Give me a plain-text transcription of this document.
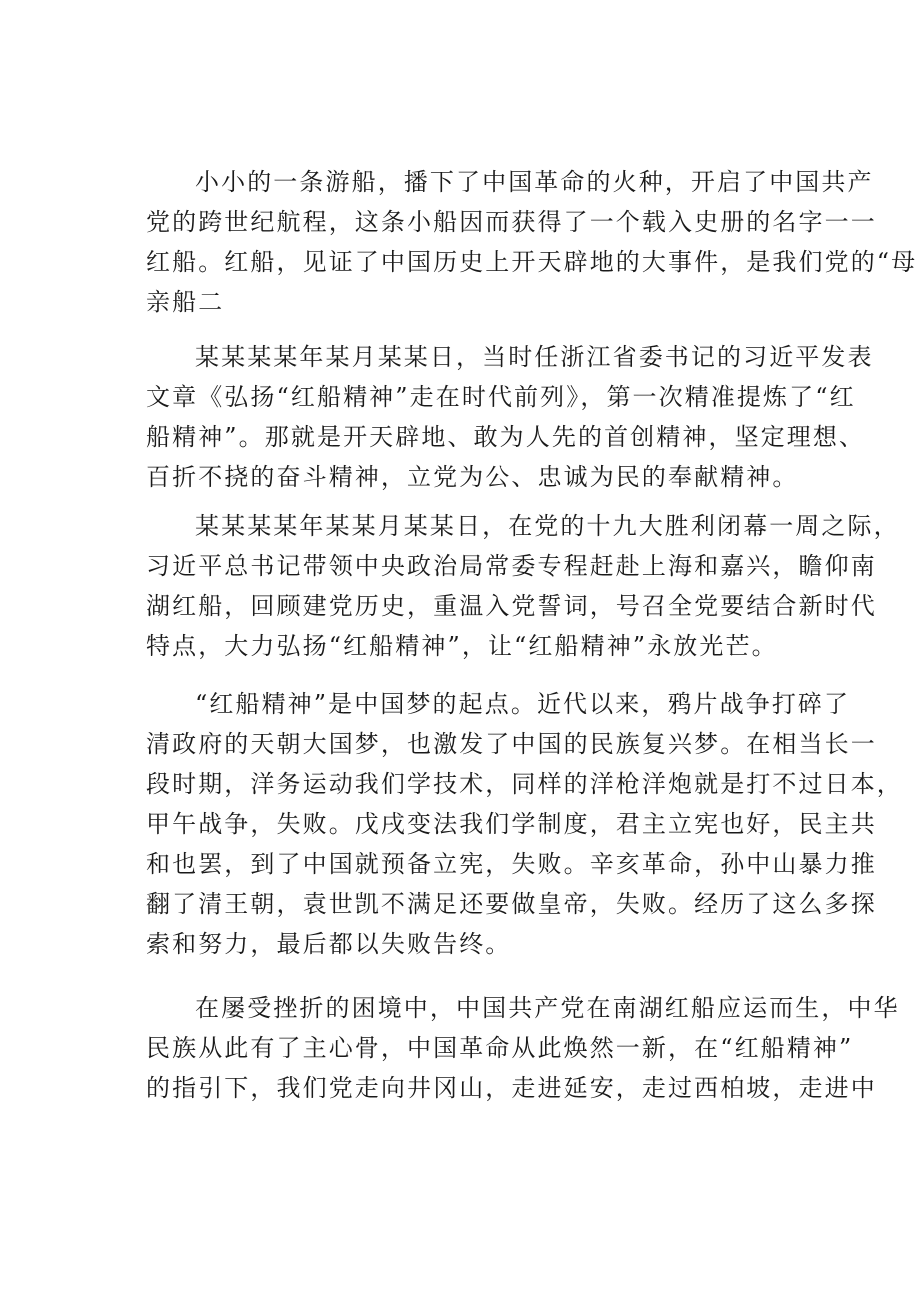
小小的一条游船，播下了中国革命的火种，开启了中国共产
党的跨世纪航程，这条小船因而获得了一个载入史册的名字一一
红船。红船，见证了中国历史上开天辟地的大事件，是我们党的“母
亲船二
某某某某年某月某某日，当时任浙江省委书记的习近平发表
文章《弘扬“红船精神”走在时代前列》，第一次精准提炼了“红
船精神”。那就是开天辟地、敢为人先的首创精神，坚定理想、
百折不挠的奋斗精神，立党为公、忠诚为民的奉献精神。
某某某某年某某月某某日，在党的十九大胜利闭幕一周之际，
习近平总书记带领中央政治局常委专程赶赴上海和嘉兴，瞻仰南
湖红船，回顾建党历史，重温入党誓词，号召全党要结合新时代
特点，大力弘扬“红船精神”，让“红船精神”永放光芒。
“红船精神”是中国梦的起点。近代以来，鸦片战争打碎了
清政府的天朝大国梦，也激发了中国的民族复兴梦。在相当长一
段时期，洋务运动我们学技术，同样的洋枪洋炮就是打不过日本，
甲午战争，失败。戊戌变法我们学制度，君主立宪也好，民主共
和也罢，到了中国就预备立宪，失败。辛亥革命，孙中山暴力推
翻了清王朝，袁世凯不满足还要做皇帝，失败。经历了这么多探
索和努力，最后都以失败告终。
在屡受挫折的困境中，中国共产党在南湖红船应运而生，中华
民族从此有了主心骨，中国革命从此焕然一新，在“红船精神”
的指引下，我们党走向井冈山，走进延安，走过西柏坡，走进中
